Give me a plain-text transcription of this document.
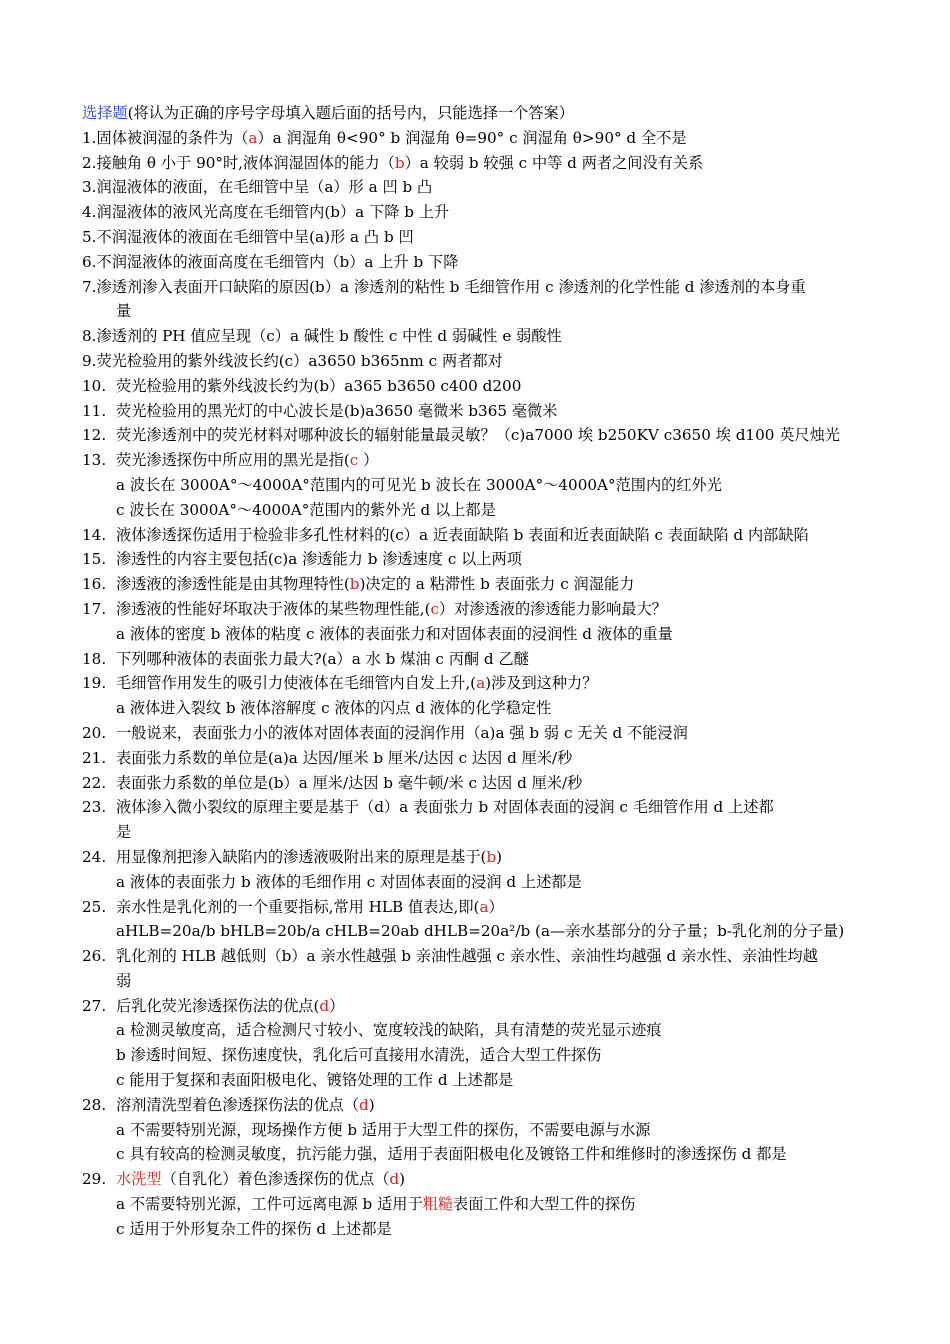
选择题(将认为正确的序号字母填入题后面的括号内，只能选择一个答案）
1.固体被润湿的条件为（a）a 润湿角 θ<90° b 润湿角 θ=90° c 润湿角 θ>90° d 全不是
2.接触角 θ 小于 90°时,液体润湿固体的能力（b）a 较弱 b 较强 c 中等 d 两者之间没有关系
3.润湿液体的液面，在毛细管中呈（a）形 a 凹 b 凸
4.润湿液体的液风光高度在毛细管内(b）a 下降 b 上升
5.不润湿液体的液面在毛细管中呈(a)形 a 凸 b 凹
6.不润湿液体的液面高度在毛细管内（b）a 上升 b 下降
7.渗透剂渗入表面开口缺陷的原因(b）a 渗透剂的粘性 b 毛细管作用 c 渗透剂的化学性能 d 渗透剂的本身重
量
8.渗透剂的 PH 值应呈现（c）a 碱性 b 酸性 c 中性 d 弱碱性 e 弱酸性
9.荧光检验用的紫外线波长约(c）a3650 b365nm c 两者都对
10. 荧光检验用的紫外线波长约为(b）a365 b3650 c400 d200
11. 荧光检验用的黑光灯的中心波长是(b)a3650 毫微米 b365 毫微米
12. 荧光渗透剂中的荧光材料对哪种波长的辐射能量最灵敏？（c)a7000 埃 b250KV c3650 埃 d100 英尺烛光
13. 荧光渗透探伤中所应用的黑光是指(c ）
a 波长在 3000A°～4000A°范围内的可见光 b 波长在 3000A°～4000A°范围内的红外光
c 波长在 3000A°～4000A°范围内的紫外光 d 以上都是
14. 液体渗透探伤适用于检验非多孔性材料的(c）a 近表面缺陷 b 表面和近表面缺陷 c 表面缺陷 d 内部缺陷
15. 渗透性的内容主要包括(c)a 渗透能力 b 渗透速度 c 以上两项
16. 渗透液的渗透性能是由其物理特性(b)决定的 a 粘滞性 b 表面张力 c 润湿能力
17. 渗透液的性能好坏取决于液体的某些物理性能,(c）对渗透液的渗透能力影响最大？
a 液体的密度 b 液体的粘度 c 液体的表面张力和对固体表面的浸润性 d 液体的重量
18. 下列哪种液体的表面张力最大?(a）a 水 b 煤油 c 丙酮 d 乙醚
19. 毛细管作用发生的吸引力使液体在毛细管内自发上升,(a)涉及到这种力？
a 液体进入裂纹 b 液体溶解度 c 液体的闪点 d 液体的化学稳定性
20. 一般说来，表面张力小的液体对固体表面的浸润作用（a)a 强 b 弱 c 无关 d 不能浸润
21. 表面张力系数的单位是(a)a 达因/厘米 b 厘米/达因 c 达因 d 厘米/秒
22. 表面张力系数的单位是(b）a 厘米/达因 b 毫牛顿/米 c 达因 d 厘米/秒
23. 液体渗入微小裂纹的原理主要是基于（d）a 表面张力 b 对固体表面的浸润 c 毛细管作用 d 上述都
是
24. 用显像剂把渗入缺陷内的渗透液吸附出来的原理是基于(b)
a 液体的表面张力 b 液体的毛细作用 c 对固体表面的浸润 d 上述都是
25. 亲水性是乳化剂的一个重要指标,常用 HLB 值表达,即(a）
aHLB=20a/b bHLB=20b/a cHLB=20ab dHLB=20a²/b (a—亲水基部分的分子量；b-乳化剂的分子量)
26. 乳化剂的 HLB 越低则（b）a 亲水性越强 b 亲油性越强 c 亲水性、亲油性均越强 d 亲水性、亲油性均越
弱
27. 后乳化荧光渗透探伤法的优点(d）
a 检测灵敏度高，适合检测尺寸较小、宽度较浅的缺陷，具有清楚的荧光显示迹痕
b 渗透时间短、探伤速度快，乳化后可直接用水清洗，适合大型工件探伤
c 能用于复探和表面阳极电化、镀铬处理的工作 d 上述都是
28. 溶剂清洗型着色渗透探伤法的优点（d)
a 不需要特别光源，现场操作方便 b 适用于大型工件的探伤，不需要电源与水源
c 具有较高的检测灵敏度，抗污能力强，适用于表面阳极电化及镀铬工件和维修时的渗透探伤 d 都是
29. 水洗型（自乳化）着色渗透探伤的优点（d)
a 不需要特别光源，工件可远离电源 b 适用于粗糙表面工件和大型工件的探伤
c 适用于外形复杂工件的探伤 d 上述都是
